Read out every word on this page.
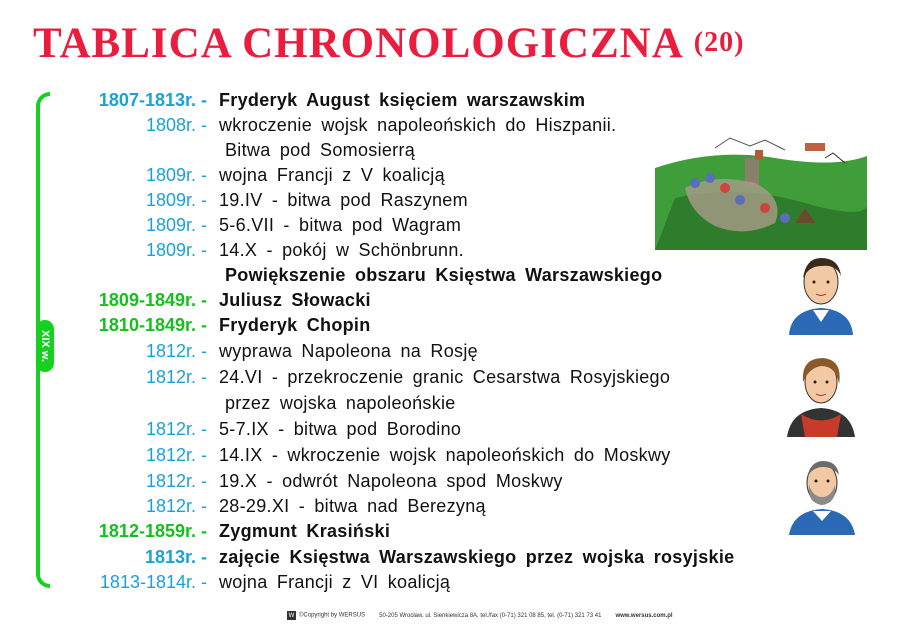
TABLICA CHRONOLOGICZNA (20)
XIX w.
1807-1813r. - Fryderyk August księciem warszawskim
1808r. - wkroczenie wojsk napoleońskich do Hiszpanii.
Bitwa pod Somosierrą
1809r. - wojna Francji z V koalicją
1809r. - 19.IV - bitwa pod Raszynem
1809r. - 5-6.VII - bitwa pod Wagram
1809r. - 14.X - pokój w Schönbrunn.
Powiększenie obszaru Księstwa Warszawskiego
1809-1849r. - Juliusz Słowacki
1810-1849r. - Fryderyk Chopin
1812r. - wyprawa Napoleona na Rosję
1812r. - 24.VI - przekroczenie granic Cesarstwa Rosyjskiego
przez wojska napoleońskie
1812r. - 5-7.IX - bitwa pod Borodino
1812r. - 14.IX - wkroczenie wojsk napoleońskich do Moskwy
1812r. - 19.X - odwrót Napoleona spod Moskwy
1812r. - 28-29.XI - bitwa nad Berezyną
1812-1859r. - Zygmunt Krasiński
1813r. - zajęcie Księstwa Warszawskiego przez wojska rosyjskie
1813-1814r. - wojna Francji z VI koalicją
W ©Copyright by WERSUS 50-205 Wrocław, ul. Sienkiewicza 8A, tel./fax (0-71) 321 08 85, tel. (0-71) 321 73 41 www.wersus.com.pl
